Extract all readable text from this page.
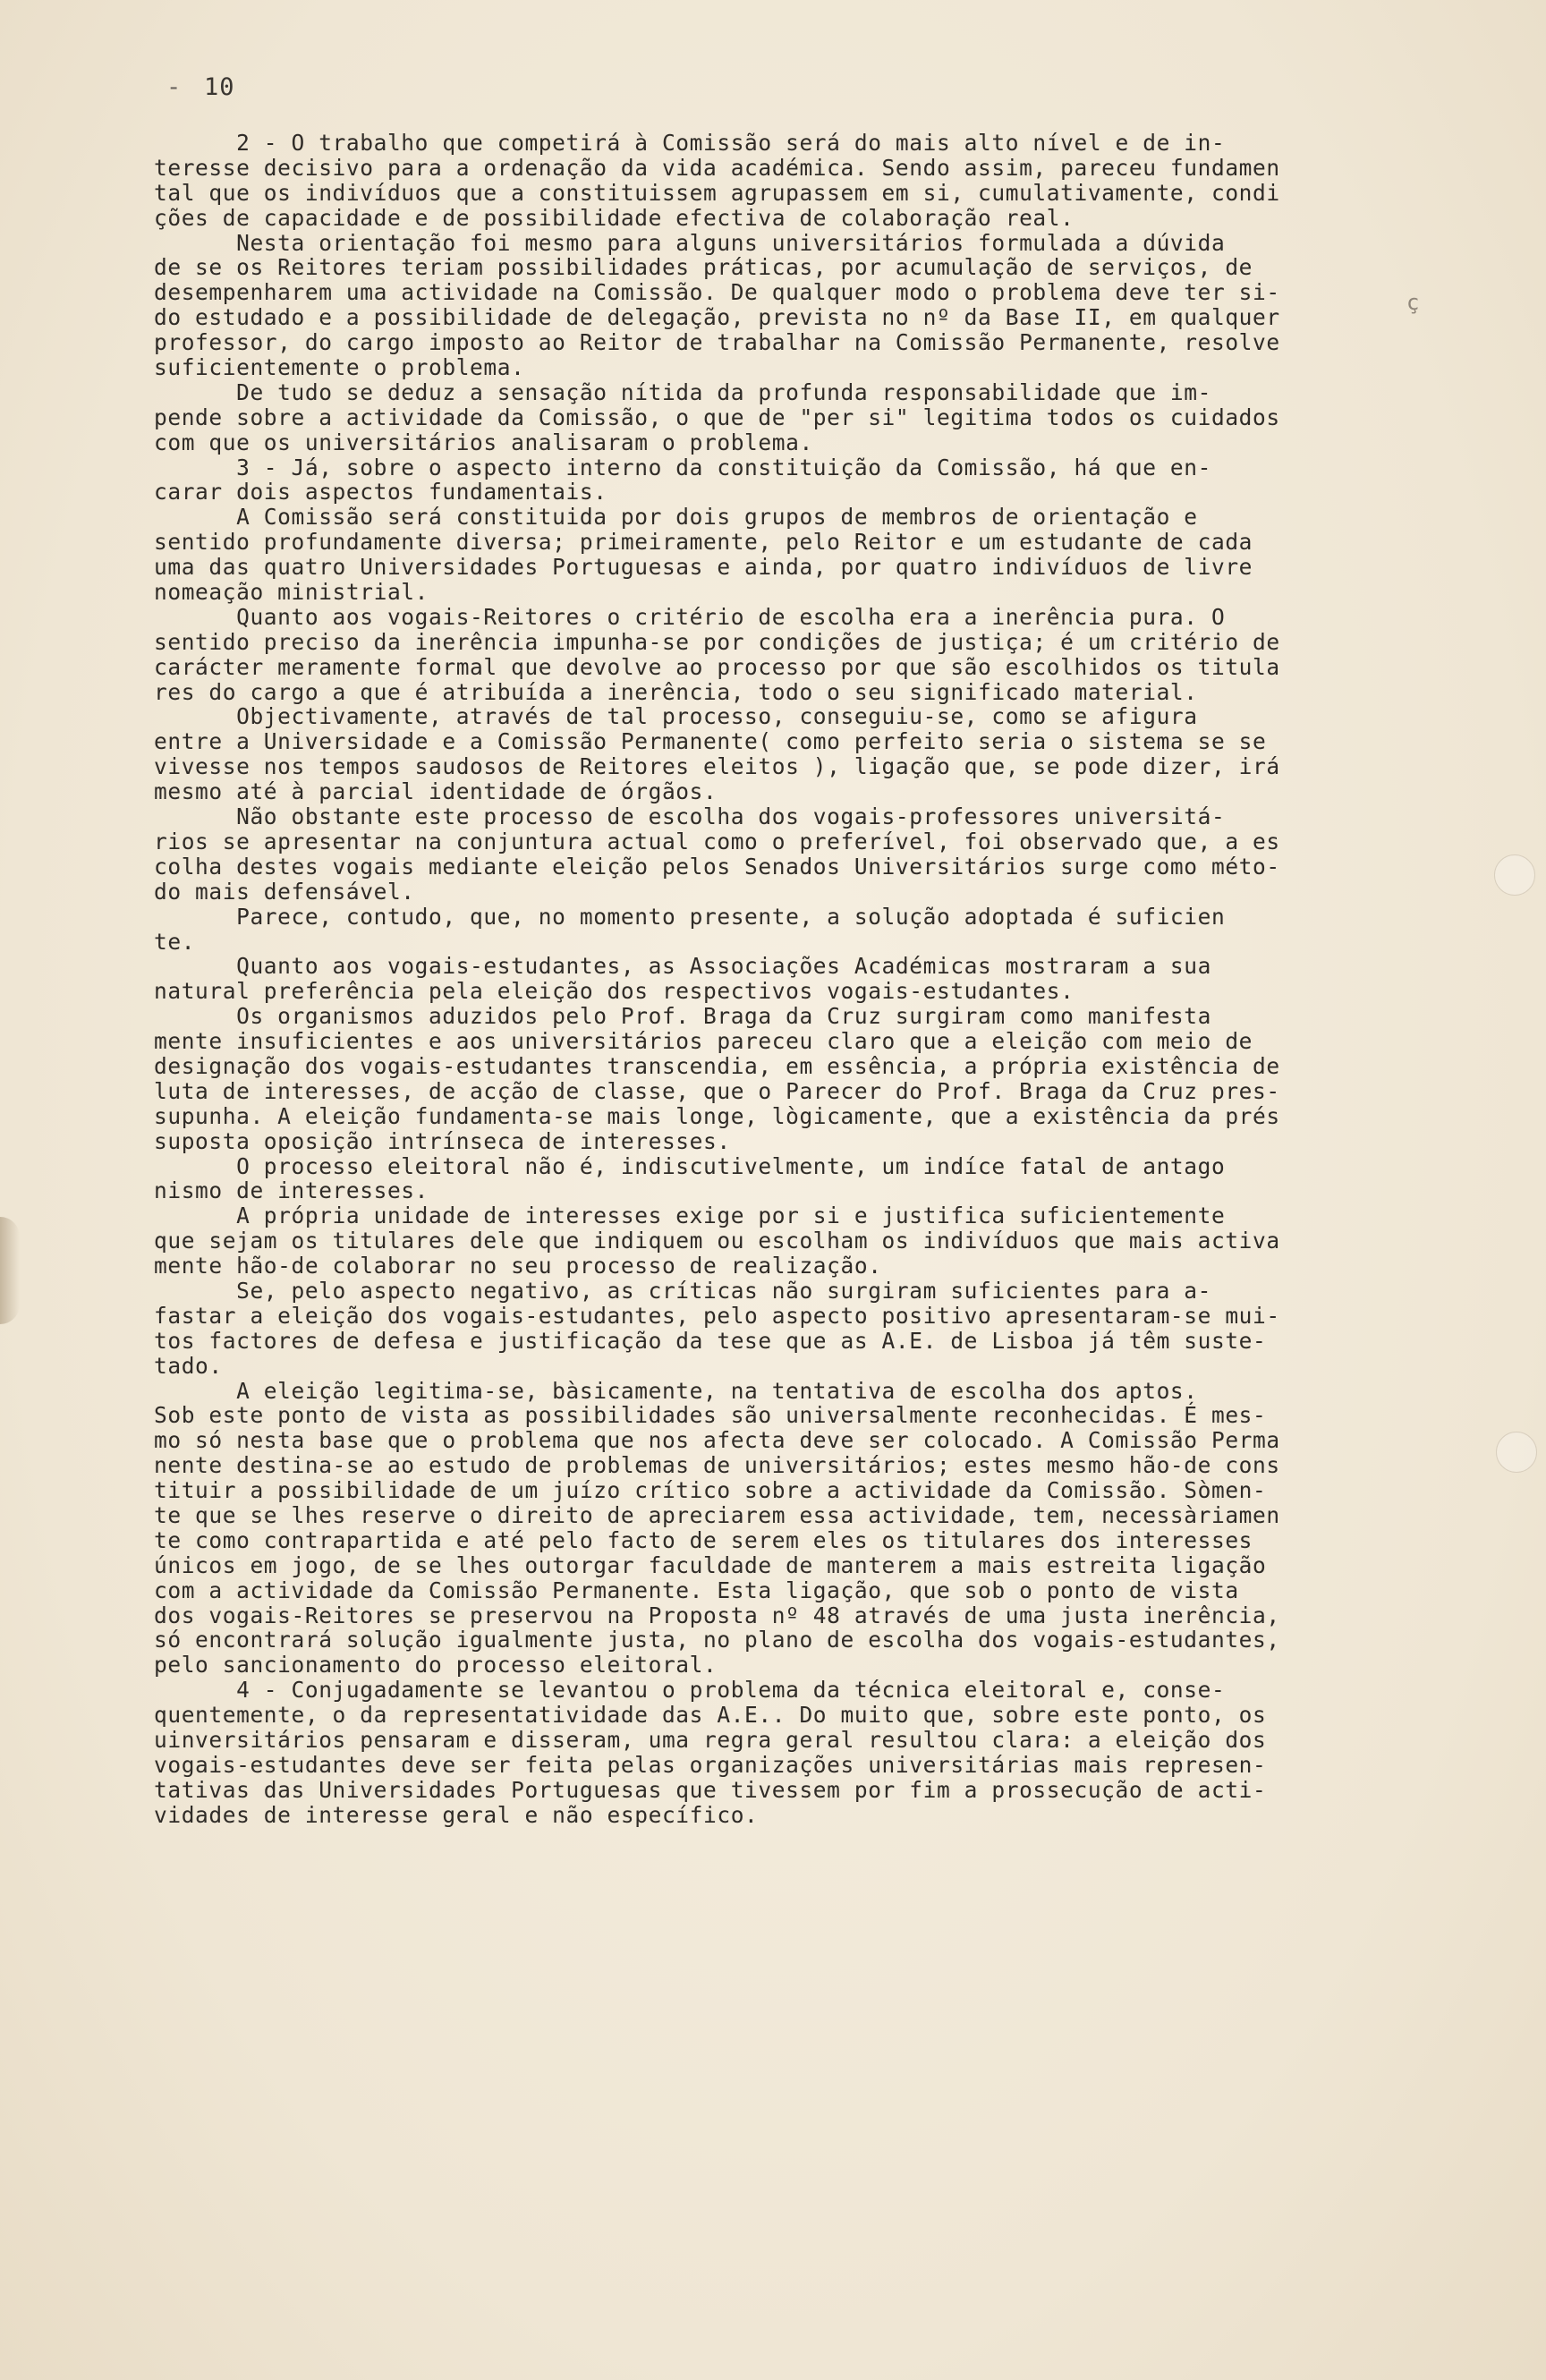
- 10
ç
2 - O trabalho que competirá à Comissão será do mais alto nível e de in-
teresse decisivo para a ordenação da vida académica. Sendo assim, pareceu fundamen
tal que os indivíduos que a constituissem agrupassem em si, cumulativamente, condi
ções de capacidade e de possibilidade efectiva de colaboração real.
Nesta orientação foi mesmo para alguns universitários formulada a dúvida
de se os Reitores teriam possibilidades práticas, por acumulação de serviços, de
desempenharem uma actividade na Comissão. De qualquer modo o problema deve ter si-
do estudado e a possibilidade de delegação, prevista no nº da Base II, em qualquer
professor, do cargo imposto ao Reitor de trabalhar na Comissão Permanente, resolve
suficientemente o problema.
De tudo se deduz a sensação nítida da profunda responsabilidade que im-
pende sobre a actividade da Comissão, o que de "per si" legitima todos os cuidados
com que os universitários analisaram o problema.
3 - Já, sobre o aspecto interno da constituição da Comissão, há que en-
carar dois aspectos fundamentais.
A Comissão será constituida por dois grupos de membros de orientação e
sentido profundamente diversa; primeiramente, pelo Reitor e um estudante de cada
uma das quatro Universidades Portuguesas e ainda, por quatro indivíduos de livre
nomeação ministrial.
Quanto aos vogais-Reitores o critério de escolha era a inerência pura. O
sentido preciso da inerência impunha-se por condições de justiça; é um critério de
carácter meramente formal que devolve ao processo por que são escolhidos os titula
res do cargo a que é atribuída a inerência, todo o seu significado material.
Objectivamente, através de tal processo, conseguiu-se, como se afigura
entre a Universidade e a Comissão Permanente( como perfeito seria o sistema se se
vivesse nos tempos saudosos de Reitores eleitos ), ligação que, se pode dizer, irá
mesmo até à parcial identidade de órgãos.
Não obstante este processo de escolha dos vogais-professores universitá-
rios se apresentar na conjuntura actual como o preferível, foi observado que, a es
colha destes vogais mediante eleição pelos Senados Universitários surge como méto-
do mais defensável.
Parece, contudo, que, no momento presente, a solução adoptada é suficien
te.
Quanto aos vogais-estudantes, as Associações Académicas mostraram a sua
natural preferência pela eleição dos respectivos vogais-estudantes.
Os organismos aduzidos pelo Prof. Braga da Cruz surgiram como manifesta
mente insuficientes e aos universitários pareceu claro que a eleição com meio de
designação dos vogais-estudantes transcendia, em essência, a própria existência de
luta de interesses, de acção de classe, que o Parecer do Prof. Braga da Cruz pres-
supunha. A eleição fundamenta-se mais longe, lògicamente, que a existência da prés
suposta oposição intrínseca de interesses.
O processo eleitoral não é, indiscutivelmente, um indíce fatal de antago
nismo de interesses.
A própria unidade de interesses exige por si e justifica suficientemente
que sejam os titulares dele que indiquem ou escolham os indivíduos que mais activa
mente hão-de colaborar no seu processo de realização.
Se, pelo aspecto negativo, as críticas não surgiram suficientes para a-
fastar a eleição dos vogais-estudantes, pelo aspecto positivo apresentaram-se mui-
tos factores de defesa e justificação da tese que as A.E. de Lisboa já têm suste-
tado.
A eleição legitima-se, bàsicamente, na tentativa de escolha dos aptos.
Sob este ponto de vista as possibilidades são universalmente reconhecidas. É mes-
mo só nesta base que o problema que nos afecta deve ser colocado. A Comissão Perma
nente destina-se ao estudo de problemas de universitários; estes mesmo hão-de cons
tituir a possibilidade de um juízo crítico sobre a actividade da Comissão. Sòmen-
te que se lhes reserve o direito de apreciarem essa actividade, tem, necessàriamen
te como contrapartida e até pelo facto de serem eles os titulares dos interesses
únicos em jogo, de se lhes outorgar faculdade de manterem a mais estreita ligação
com a actividade da Comissão Permanente. Esta ligação, que sob o ponto de vista
dos vogais-Reitores se preservou na Proposta nº 48 através de uma justa inerência,
só encontrará solução igualmente justa, no plano de escolha dos vogais-estudantes,
pelo sancionamento do processo eleitoral.
4 - Conjugadamente se levantou o problema da técnica eleitoral e, conse-
quentemente, o da representatividade das A.E.. Do muito que, sobre este ponto, os
uinversitários pensaram e disseram, uma regra geral resultou clara: a eleição dos
vogais-estudantes deve ser feita pelas organizações universitárias mais represen-
tativas das Universidades Portuguesas que tivessem por fim a prossecução de acti-
vidades de interesse geral e não específico.
